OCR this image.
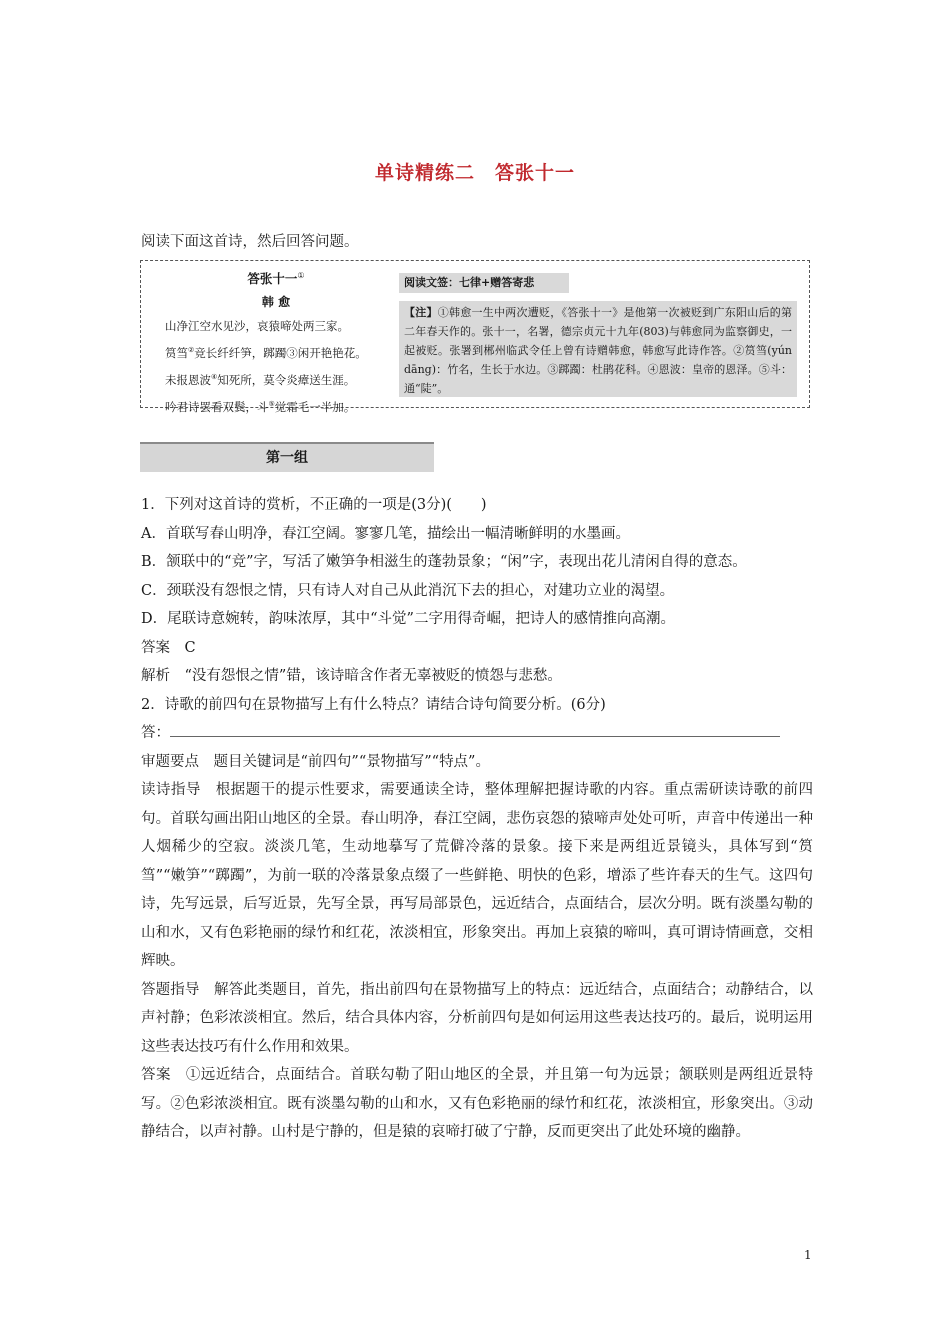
单诗精练二　答张十一
阅读下面这首诗，然后回答问题。
答张十一①
韩 愈
山净江空水见沙，哀猿啼处两三家。
筼筜②竞长纤纤笋，踯躅③闲开艳艳花。
未报恩波④知死所，莫令炎瘴送生涯。
吟君诗罢看双鬓，斗⑤觉霜毛一半加。
阅读文签：七律+赠答寄悲
【注】①韩愈一生中两次遭贬，《答张十一》是他第一次被贬到广东阳山后的第二年春天作的。张十一，名署，德宗贞元十九年(803)与韩愈同为监察御史，一起被贬。张署到郴州临武令任上曾有诗赠韩愈，韩愈写此诗作答。②筼筜(yún dāng)：竹名，生长于水边。③踯躅：杜鹃花科。④恩波：皇帝的恩泽。⑤斗：通“陡”。
第一组

1．下列对这首诗的赏析，不正确的一项是(3分)(　　)

A．首联写春山明净，春江空阔。寥寥几笔，描绘出一幅清晰鲜明的水墨画。

B．颔联中的“竞”字，写活了嫩笋争相滋生的蓬勃景象；“闲”字，表现出花儿清闲自得的意态。

C．颈联没有怨恨之情，只有诗人对自己从此消沉下去的担心，对建功立业的渴望。

D．尾联诗意婉转，韵味浓厚，其中“斗觉”二字用得奇崛，把诗人的感情推向高潮。

答案　C

解析　“没有怨恨之情”错，该诗暗含作者无辜被贬的愤怨与悲愁。

2．诗歌的前四句在景物描写上有什么特点？请结合诗句简要分析。(6分)

答：

审题要点　题目关键词是“前四句”“景物描写”“特点”。

读诗指导　根据题干的提示性要求，需要通读全诗，整体理解把握诗歌的内容。重点需研读诗歌的前四句。首联勾画出阳山地区的全景。春山明净，春江空阔，悲伤哀怨的猿啼声处处可听，声音中传递出一种人烟稀少的空寂。淡淡几笔，生动地摹写了荒僻冷落的景象。接下来是两组近景镜头，具体写到“筼筜”“嫩笋”“踯躅”，为前一联的冷落景象点缀了一些鲜艳、明快的色彩，增添了些许春天的生气。这四句诗，先写远景，后写近景，先写全景，再写局部景色，远近结合，点面结合，层次分明。既有淡墨勾勒的山和水，又有色彩艳丽的绿竹和红花，浓淡相宜，形象突出。再加上哀猿的啼叫，真可谓诗情画意，交相辉映。

答题指导　解答此类题目，首先，指出前四句在景物描写上的特点：远近结合，点面结合；动静结合，以声衬静；色彩浓淡相宜。然后，结合具体内容，分析前四句是如何运用这些表达技巧的。最后，说明运用这些表达技巧有什么作用和效果。

答案　①远近结合，点面结合。首联勾勒了阳山地区的全景，并且第一句为远景；颔联则是两组近景特写。②色彩浓淡相宜。既有淡墨勾勒的山和水，又有色彩艳丽的绿竹和红花，浓淡相宜，形象突出。③动静结合，以声衬静。山村是宁静的，但是猿的哀啼打破了宁静，反而更突出了此处环境的幽静。

1
